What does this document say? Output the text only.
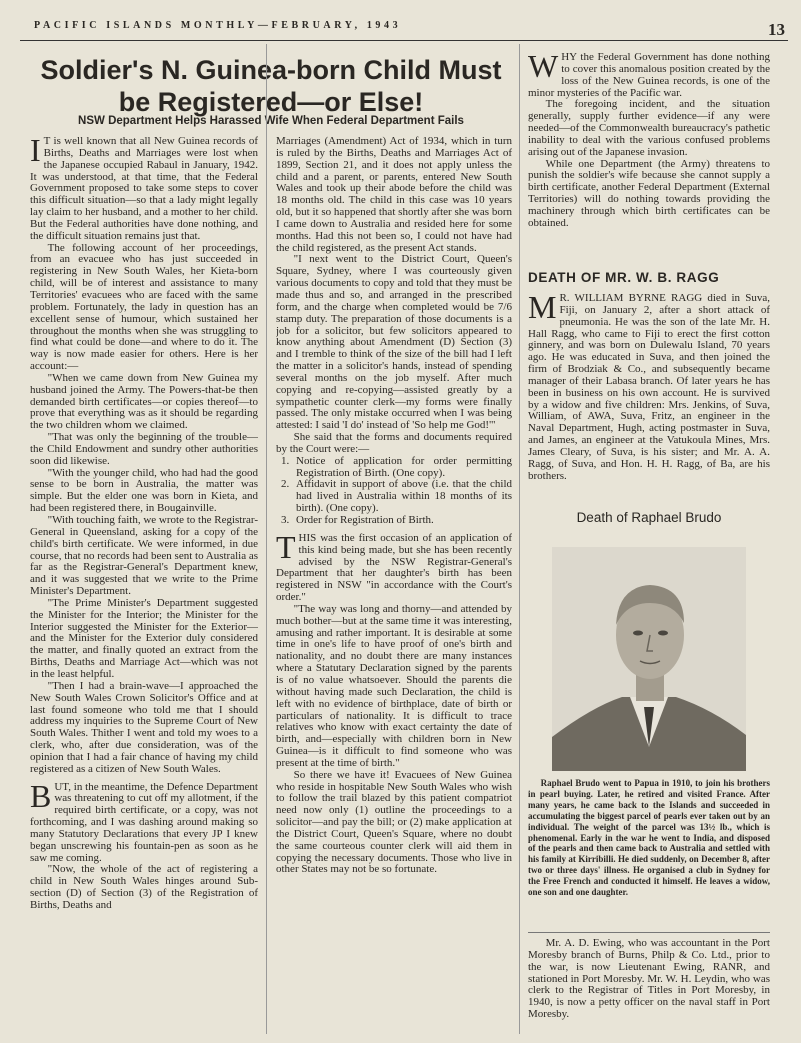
PACIFIC ISLANDS MONTHLY—FEBRUARY, 1943	13
Soldier's N. Guinea-born Child Must
be Registered—or Else!
NSW Department Helps Harassed Wife When Federal Department Fails

I T is well known that all New Guinea records of Births, Deaths and Marriages were lost when the Japanese occupied Rabaul in January, 1942. It was understood, at that time, that the Federal Government proposed to take some steps to cover this difficult situation—so that a lady might legally lay claim to her husband, and a mother to her child. But the Federal authorities have done nothing, and the difficult situation remains just that.

The following account of her proceedings, from an evacuee who has just succeeded in registering in New South Wales, her Kieta-born child, will be of interest and assistance to many Territories' evacuees who are faced with the same problem. Fortunately, the lady in question has an excellent sense of humour, which sustained her throughout the months when she was struggling to find what could be done—and where to do it. The way is now made easier for others. Here is her account:—

"When we came down from New Guinea my husband joined the Army. The Powers-that-be then demanded birth certificates—or copies thereof—to prove that everything was as it should be regarding the two children whom we claimed.

"That was only the beginning of the trouble—the Child Endowment and sundry other authorities soon did likewise.

"With the younger child, who had had the good sense to be born in Australia, the matter was simple. But the elder one was born in Kieta, and had been registered there, in Bougainville.

"With touching faith, we wrote to the Registrar-General in Queensland, asking for a copy of the child's birth certificate. We were informed, in due course, that no records had been sent to Australia as far as the Registrar-General's Department knew, and it was suggested that we write to the Prime Minister's Department.

"The Prime Minister's Department suggested the Minister for the Interior; the Minister for the Interior suggested the Minister for the Exterior—and the Minister for the Exterior duly considered the matter, and finally quoted an extract from the Births, Deaths and Marriage Act—which was not in the least helpful.

"Then I had a brain-wave—I approached the New South Wales Crown Solicitor's Office and at last found someone who told me that I should address my inquiries to the Supreme Court of New South Wales. Thither I went and told my woes to a clerk, who, after due consideration, was of the opinion that I had a fair chance of having my child registered as a citizen of New South Wales.

BUT, in the meantime, the Defence Department was threatening to cut off my allotment, if the required birth certificate, or a copy, was not forthcoming, and I was dashing around making so many Statutory Declarations that every JP I knew began unscrewing his fountain-pen as soon as he saw me coming.

"Now, the whole of the act of registering a child in New South Wales hinges around Sub-section (D) of Section (3) of the Registration of Births, Deaths and

Marriages (Amendment) Act of 1934, which in turn is ruled by the Births, Deaths and Marriages Act of 1899, Section 21, and it does not apply unless the child and a parent, or parents, entered New South Wales and took up their abode before the child was 18 months old. The child in this case was 10 years old, but it so happened that shortly after she was born I came down to Australia and resided here for some months. Had this not been so, I could not have had the child registered, as the present Act stands.

"I next went to the District Court, Queen's Square, Sydney, where I was courteously given various documents to copy and told that they must be made thus and so, and arranged in the prescribed form, and the charge when completed would be 7/6 stamp duty. The preparation of those documents is a job for a solicitor, but few solicitors appeared to know anything about Amendment (D) Section (3) and I tremble to think of the size of the bill had I left the matter in a solicitor's hands, instead of spending several months on the job myself. After much copying and re-copying—assisted greatly by a sympathetic counter clerk—my forms were finally passed. The only mistake occurred when I was being attested: I said 'I do' instead of 'So help me God!'"

She said that the forms and documents required by the Court were:—

1. Notice of application for order permitting Registration of Birth. (One copy).
2. Affidavit in support of above (i.e. that the child had lived in Australia within 18 months of its birth). (One copy).
3. Order for Registration of Birth.

THIS was the first occasion of an application of this kind being made, but she has been recently advised by the NSW Registrar-General's Department that her daughter's birth has been registered in NSW "in accordance with the Court's order."

"The way was long and thorny—and attended by much bother—but at the same time it was interesting, amusing and rather important. It is desirable at some time in one's life to have proof of one's birth and nationality, and no doubt there are many instances where a Statutary Declaration signed by the parents is of no value whatsoever. Should the parents die without having made such Declaration, the child is left with no evidence of birthplace, date of birth or particulars of nationality. It is difficult to trace relatives who know with exact certainty the date of birth, and—especially with children born in New Guinea—is it difficult to find someone who was present at the time of birth."

So there we have it! Evacuees of New Guinea who reside in hospitable New South Wales who wish to follow the trail blazed by this patient compatriot need now only (1) outline the proceedings to a solicitor—and pay the bill; or (2) make application at the District Court, Queen's Square, where no doubt the same courteous counter clerk will aid them in copying the necessary documents. Those who live in other States may not be so fortunate.

WHY the Federal Government has done nothing to cover this anomalous position created by the loss of the New Guinea records, is one of the minor mysteries of the Pacific war.

The foregoing incident, and the situation generally, supply further evidence—if any were needed—of the Commonwealth bureaucracy's pathetic inability to deal with the various confused problems arising out of the Japanese invasion.

While one Department (the Army) threatens to punish the soldier's wife because she cannot supply a birth certificate, another Federal Department (External Territories) will do nothing towards providing the machinery through which birth certificates can be obtained.

DEATH OF MR. W. B. RAGG

M R. WILLIAM BYRNE RAGG died in Suva, Fiji, on January 2, after a short attack of pneumonia. He was the son of the late Mr. H. Hall Ragg, who came to Fiji to erect the first cotton ginnery, and was born on Dulewalu Island, 70 years ago. He was educated in Suva, and then joined the firm of Brodziak & Co., and subsequently became manager of their Labasa branch. Of later years he has been in business on his own account. He is survived by a widow and five children: Mrs. Jenkins, of Suva, William, of AWA, Suva, Fritz, an engineer in the Naval Department, Hugh, acting postmaster in Suva, and James, an engineer at the Vatukoula Mines, Mrs. James Cleary, of Suva, is his sister; and Mr. A. A. Ragg, of Suva, and Hon. H. H. Ragg, of Ba, are his brothers.

Death of Raphael Brudo
Raphael Brudo went to Papua in 1910, to join his brothers in pearl buying. Later, he retired and visited France. After many years, he came back to the Islands and succeeded in accumulating the biggest parcel of pearls ever taken out by an individual. The weight of the parcel was 13½ lb., which is phenomenal. Early in the war he went to India, and disposed of the pearls and then came back to Australia and settled with his family at Kirribilli. He died suddenly, on December 8, after two or three days' illness. He organised a club in Sydney for the Free French and conducted it himself. He leaves a widow, one son and one daughter.

Mr. A. D. Ewing, who was accountant in the Port Moresby branch of Burns, Philp & Co. Ltd., prior to the war, is now Lieutenant Ewing, RANR, and stationed in Port Moresby. Mr. W. H. Leydin, who was clerk to the Registrar of Titles in Port Moresby, in 1940, is now a petty officer on the naval staff in Port Moresby.
